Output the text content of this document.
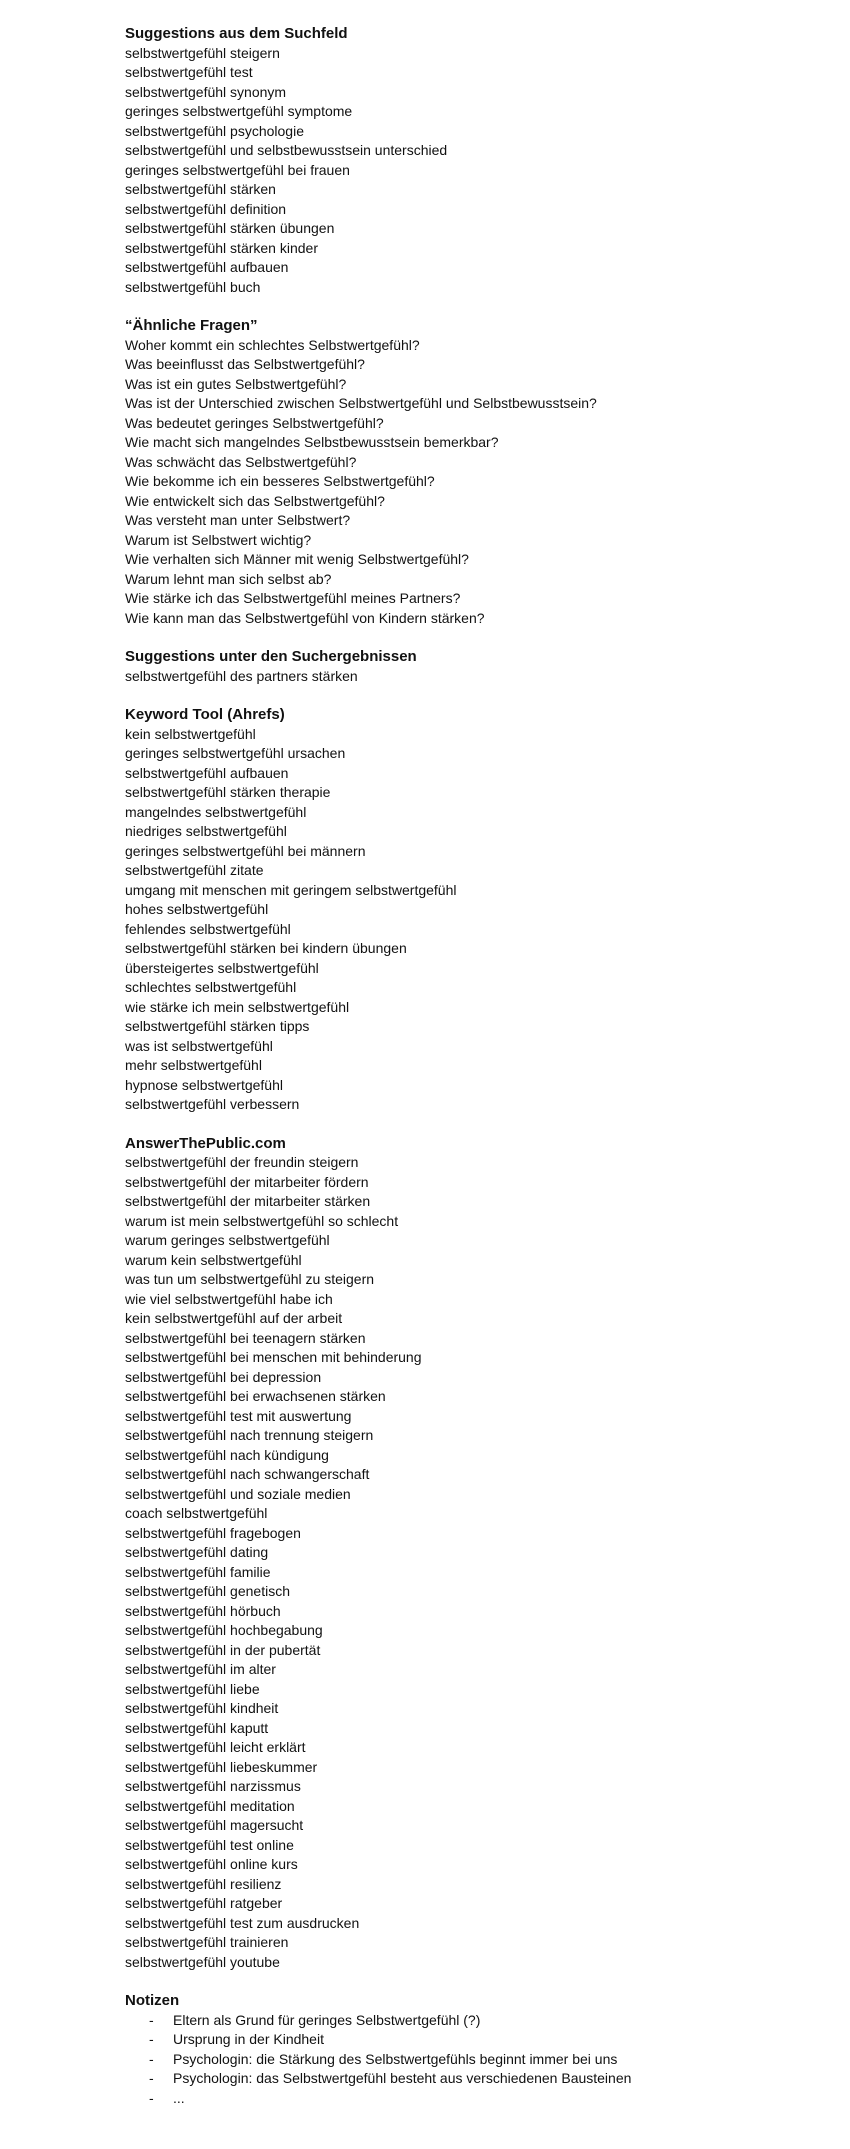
Suggestions aus dem Suchfeld
selbstwertgefühl steigern
selbstwertgefühl test
selbstwertgefühl synonym
geringes selbstwertgefühl symptome
selbstwertgefühl psychologie
selbstwertgefühl und selbstbewusstsein unterschied
geringes selbstwertgefühl bei frauen
selbstwertgefühl stärken
selbstwertgefühl definition
selbstwertgefühl stärken übungen
selbstwertgefühl stärken kinder
selbstwertgefühl aufbauen
selbstwertgefühl buch
“Ähnliche Fragen”
Woher kommt ein schlechtes Selbstwertgefühl?
Was beeinflusst das Selbstwertgefühl?
Was ist ein gutes Selbstwertgefühl?
Was ist der Unterschied zwischen Selbstwertgefühl und Selbstbewusstsein?
Was bedeutet geringes Selbstwertgefühl?
Wie macht sich mangelndes Selbstbewusstsein bemerkbar?
Was schwächt das Selbstwertgefühl?
Wie bekomme ich ein besseres Selbstwertgefühl?
Wie entwickelt sich das Selbstwertgefühl?
Was versteht man unter Selbstwert?
Warum ist Selbstwert wichtig?
Wie verhalten sich Männer mit wenig Selbstwertgefühl?
Warum lehnt man sich selbst ab?
Wie stärke ich das Selbstwertgefühl meines Partners?
Wie kann man das Selbstwertgefühl von Kindern stärken?
Suggestions unter den Suchergebnissen
selbstwertgefühl des partners stärken
Keyword Tool (Ahrefs)
kein selbstwertgefühl
geringes selbstwertgefühl ursachen
selbstwertgefühl aufbauen
selbstwertgefühl stärken therapie
mangelndes selbstwertgefühl
niedriges selbstwertgefühl
geringes selbstwertgefühl bei männern
selbstwertgefühl zitate
umgang mit menschen mit geringem selbstwertgefühl
hohes selbstwertgefühl
fehlendes selbstwertgefühl
selbstwertgefühl stärken bei kindern übungen
übersteigertes selbstwertgefühl
schlechtes selbstwertgefühl
wie stärke ich mein selbstwertgefühl
selbstwertgefühl stärken tipps
was ist selbstwertgefühl
mehr selbstwertgefühl
hypnose selbstwertgefühl
selbstwertgefühl verbessern
AnswerThePublic.com
selbstwertgefühl der freundin steigern
selbstwertgefühl der mitarbeiter fördern
selbstwertgefühl der mitarbeiter stärken
warum ist mein selbstwertgefühl so schlecht
warum geringes selbstwertgefühl
warum kein selbstwertgefühl
was tun um selbstwertgefühl zu steigern
wie viel selbstwertgefühl habe ich
kein selbstwertgefühl auf der arbeit
selbstwertgefühl bei teenagern stärken
selbstwertgefühl bei menschen mit behinderung
selbstwertgefühl bei depression
selbstwertgefühl bei erwachsenen stärken
selbstwertgefühl test mit auswertung
selbstwertgefühl nach trennung steigern
selbstwertgefühl nach kündigung
selbstwertgefühl nach schwangerschaft
selbstwertgefühl und soziale medien
coach selbstwertgefühl
selbstwertgefühl fragebogen
selbstwertgefühl dating
selbstwertgefühl familie
selbstwertgefühl genetisch
selbstwertgefühl hörbuch
selbstwertgefühl hochbegabung
selbstwertgefühl in der pubertät
selbstwertgefühl im alter
selbstwertgefühl liebe
selbstwertgefühl kindheit
selbstwertgefühl kaputt
selbstwertgefühl leicht erklärt
selbstwertgefühl liebeskummer
selbstwertgefühl narzissmus
selbstwertgefühl meditation
selbstwertgefühl magersucht
selbstwertgefühl test online
selbstwertgefühl online kurs
selbstwertgefühl resilienz
selbstwertgefühl ratgeber
selbstwertgefühl test zum ausdrucken
selbstwertgefühl trainieren
selbstwertgefühl youtube
Notizen
- Eltern als Grund für geringes Selbstwertgefühl (?)
- Ursprung in der Kindheit
- Psychologin: die Stärkung des Selbstwertgefühls beginnt immer bei uns
- Psychologin: das Selbstwertgefühl besteht aus verschiedenen Bausteinen
- ...
